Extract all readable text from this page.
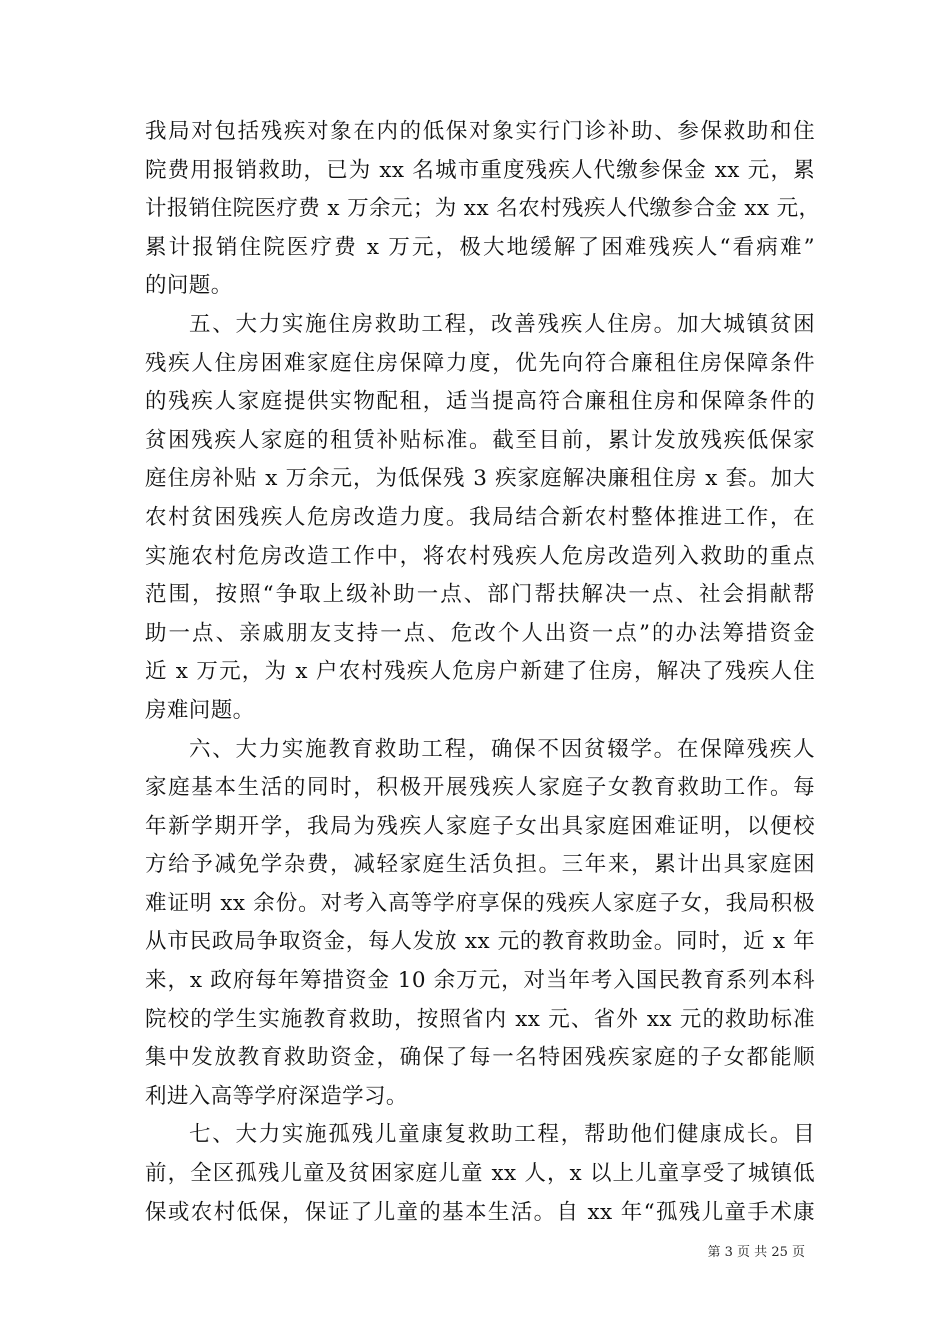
我局对包括残疾对象在内的低保对象实行门诊补助、参保救助和住
院费用报销救助，已为 xx 名城市重度残疾人代缴参保金 xx 元，累
计报销住院医疗费 x 万余元；为 xx 名农村残疾人代缴参合金 xx 元，
累计报销住院医疗费 x 万元，极大地缓解了困难残疾人“看病难”
的问题。
五、大力实施住房救助工程，改善残疾人住房。加大城镇贫困
残疾人住房困难家庭住房保障力度，优先向符合廉租住房保障条件
的残疾人家庭提供实物配租，适当提高符合廉租住房和保障条件的
贫困残疾人家庭的租赁补贴标准。截至目前，累计发放残疾低保家
庭住房补贴 x 万余元，为低保残 3 疾家庭解决廉租住房 x 套。加大
农村贫困残疾人危房改造力度。我局结合新农村整体推进工作，在
实施农村危房改造工作中，将农村残疾人危房改造列入救助的重点
范围，按照“争取上级补助一点、部门帮扶解决一点、社会捐献帮
助一点、亲戚朋友支持一点、危改个人出资一点”的办法筹措资金
近 x 万元，为 x 户农村残疾人危房户新建了住房，解决了残疾人住
房难问题。
六、大力实施教育救助工程，确保不因贫辍学。在保障残疾人
家庭基本生活的同时，积极开展残疾人家庭子女教育救助工作。每
年新学期开学，我局为残疾人家庭子女出具家庭困难证明，以便校
方给予减免学杂费，减轻家庭生活负担。三年来，累计出具家庭困
难证明 xx 余份。对考入高等学府享保的残疾人家庭子女，我局积极
从市民政局争取资金，每人发放 xx 元的教育救助金。同时，近 x 年
来，x 政府每年筹措资金 10 余万元，对当年考入国民教育系列本科
院校的学生实施教育救助，按照省内 xx 元、省外 xx 元的救助标准
集中发放教育救助资金，确保了每一名特困残疾家庭的子女都能顺
利进入高等学府深造学习。
七、大力实施孤残儿童康复救助工程，帮助他们健康成长。目
前，全区孤残儿童及贫困家庭儿童 xx 人，x 以上儿童享受了城镇低
保或农村低保，保证了儿童的基本生活。自 xx 年“孤残儿童手术康
第 3 页 共 25 页
